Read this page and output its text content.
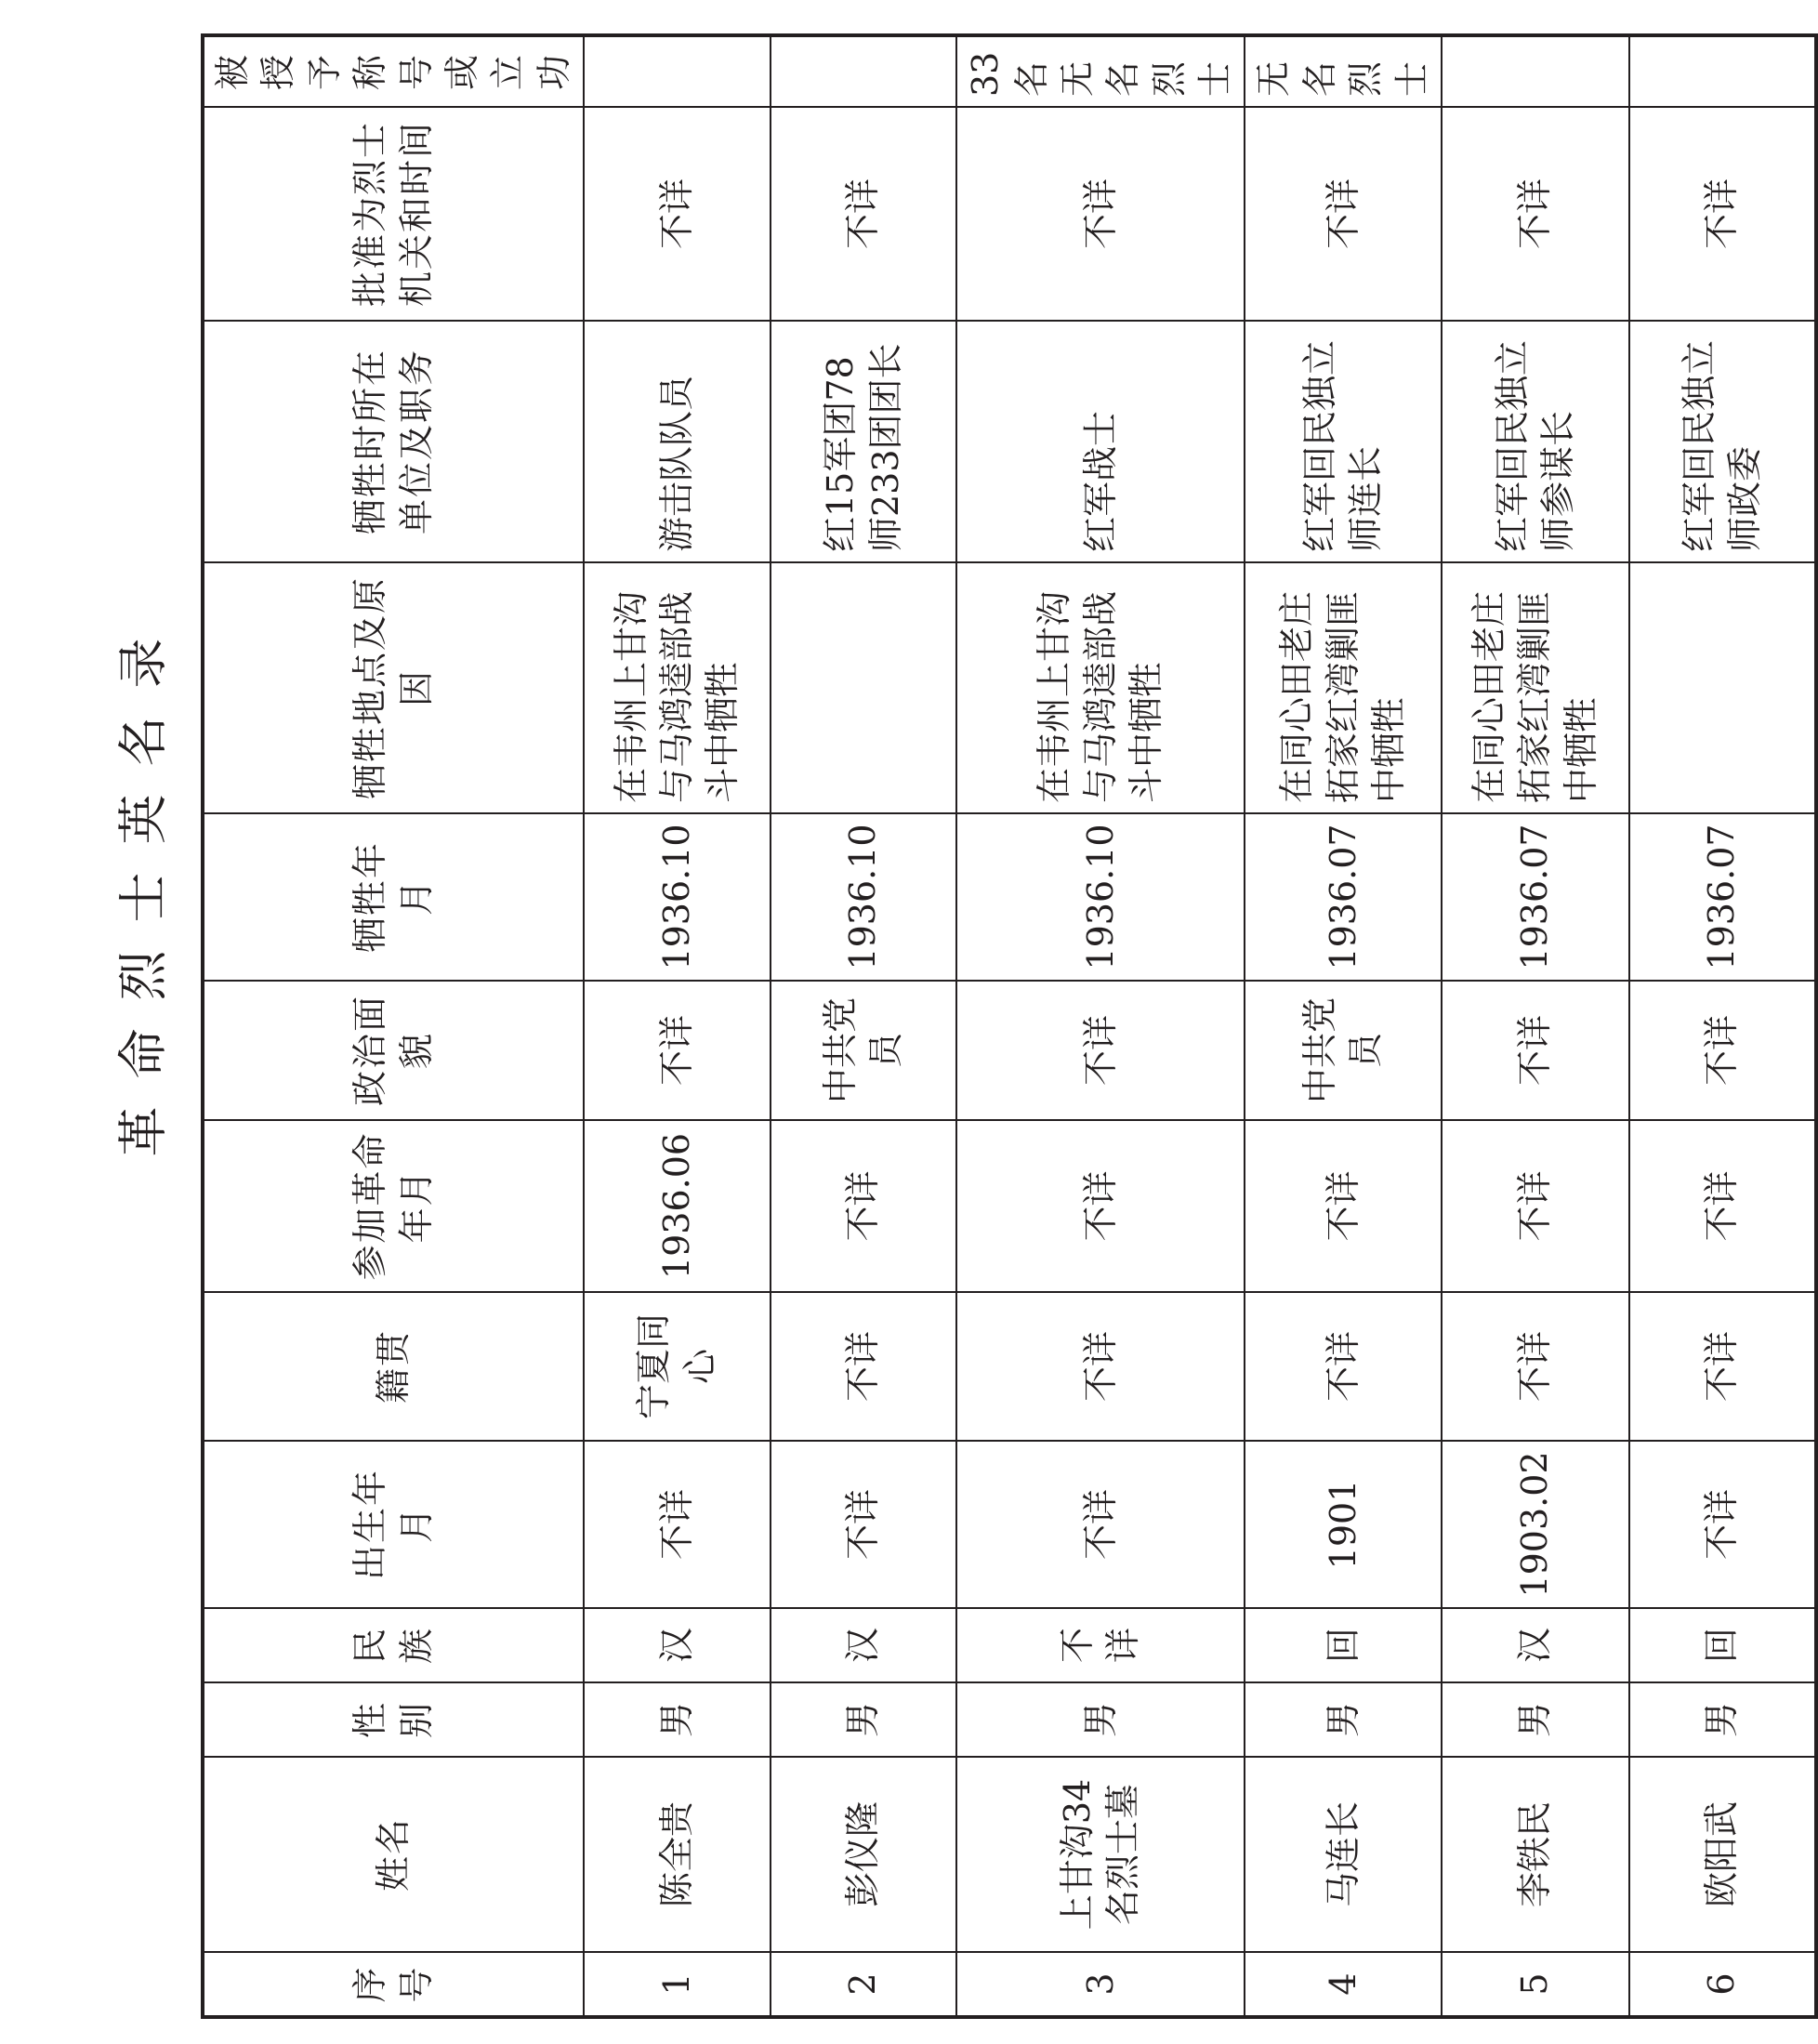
革命烈士英名录
序号	姓名	性别	民族	出生年月	籍贯	参加革命年月	政治面貌	牺牲年月	牺牲地点及原因	牺牲时所在单位及职务	批准为烈士机关和时间	被授予称号或立功
1	陈全贵	男	汉	不详	宁夏同心	1936.06	不详	1936.10	在韦州上甘沟与马鸿逵部战斗中牺牲	游击队队员	不详	
2	彭仪隆	男	汉	不详	不详	不详	中共党员	1936.10		红15军团78师233团团长	不详	
3	上甘沟34名烈士墓	男	不详	不详	不详	不详	不详	1936.10	在韦州上甘沟与马鸿逵部战斗中牺牲	红军战士	不详	33名无名烈士
4	马连长	男	回	1901	不详	不详	中共党员	1936.07	在同心田老庄拓家红湾剿匪中牺牲	红军回民独立师连长	不详	无名烈士
5	李铁民	男	汉	1903.02	不详	不详	不详	1936.07	在同心田老庄拓家红湾剿匪中牺牲	红军回民独立师参谋长	不详	
6	欧阳武	男	回	不详	不详	不详	不详	1936.07		红军回民独立师政委	不详	
